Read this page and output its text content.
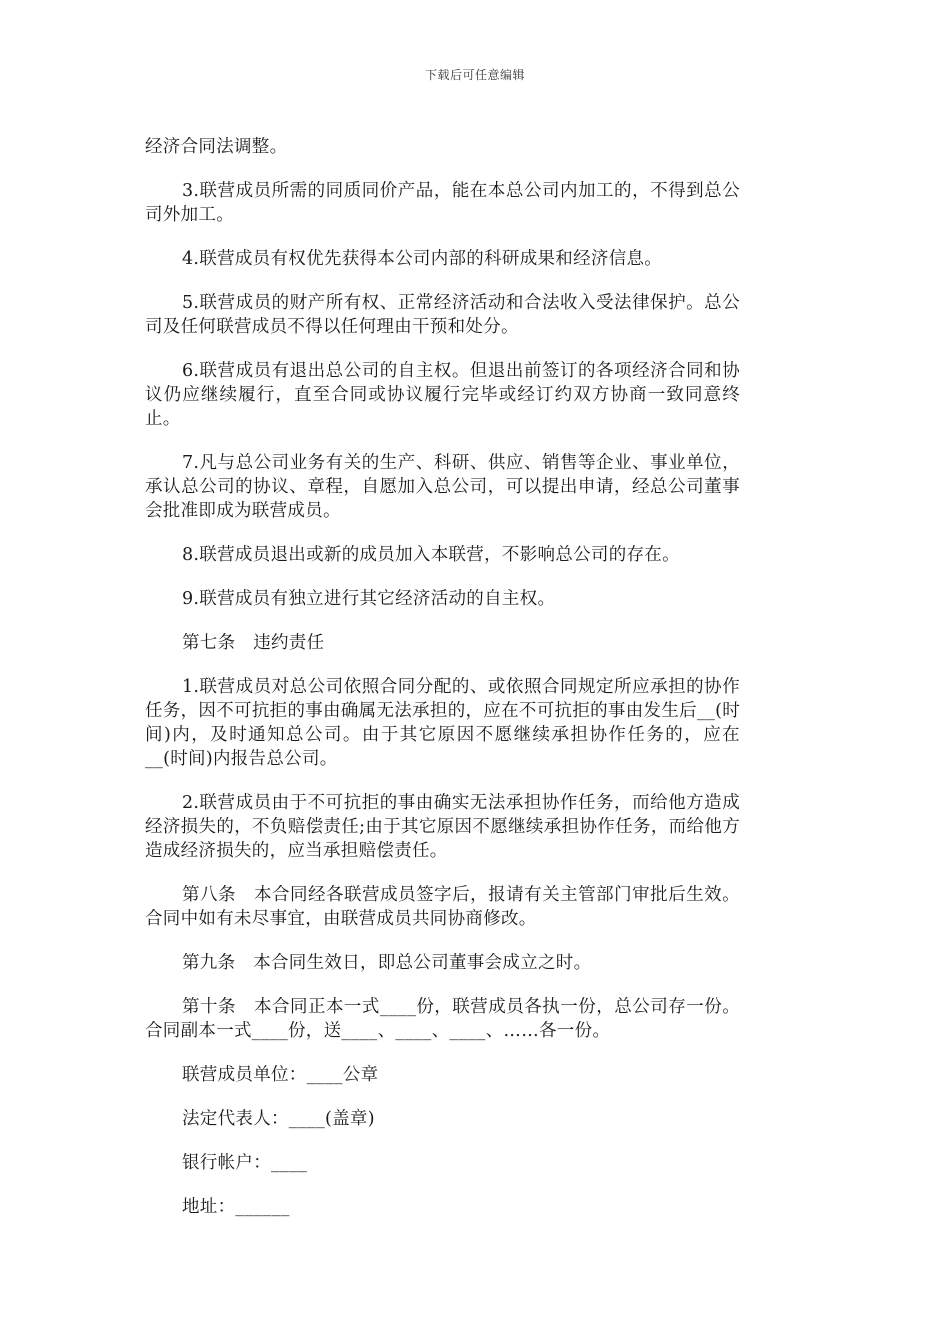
下载后可任意编辑

经济合同法调整。

3.联营成员所需的同质同价产品，能在本总公司内加工的，不得到总公司外加工。

4.联营成员有权优先获得本公司内部的科研成果和经济信息。

5.联营成员的财产所有权、正常经济活动和合法收入受法律保护。总公司及任何联营成员不得以任何理由干预和处分。

6.联营成员有退出总公司的自主权。但退出前签订的各项经济合同和协议仍应继续履行，直至合同或协议履行完毕或经订约双方协商一致同意终止。

7.凡与总公司业务有关的生产、科研、供应、销售等企业、事业单位，承认总公司的协议、章程，自愿加入总公司，可以提出申请，经总公司董事会批准即成为联营成员。

8.联营成员退出或新的成员加入本联营，不影响总公司的存在。

9.联营成员有独立进行其它经济活动的自主权。

第七条　违约责任

1.联营成员对总公司依照合同分配的、或依照合同规定所应承担的协作任务，因不可抗拒的事由确属无法承担的，应在不可抗拒的事由发生后__(时间)内，及时通知总公司。由于其它原因不愿继续承担协作任务的，应在__(时间)内报告总公司。

2.联营成员由于不可抗拒的事由确实无法承担协作任务，而给他方造成经济损失的，不负赔偿责任;由于其它原因不愿继续承担协作任务，而给他方造成经济损失的，应当承担赔偿责任。

第八条　本合同经各联营成员签字后，报请有关主管部门审批后生效。合同中如有未尽事宜，由联营成员共同协商修改。

第九条　本合同生效日，即总公司董事会成立之时。

第十条　本合同正本一式____份，联营成员各执一份，总公司存一份。合同副本一式____份，送____、____、____、……各一份。

联营成员单位：____公章

法定代表人：____(盖章)

银行帐户：____

地址：______
